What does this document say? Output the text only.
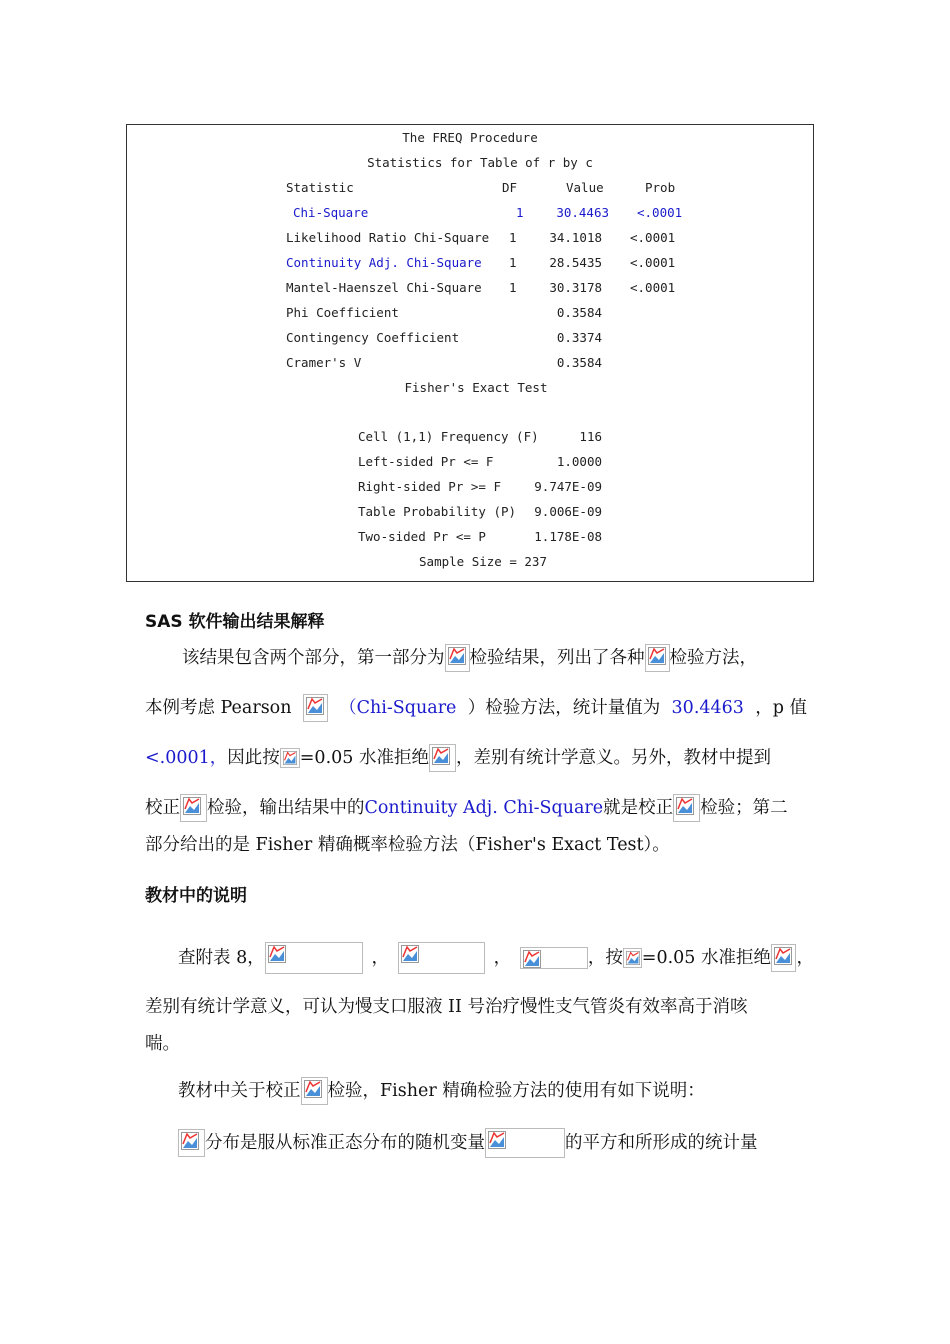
The FREQ Procedure
Statistics for Table of r by c
Statistic	DF	Value	Prob
Chi-Square	1	30.4463 <.0001
Likelihood Ratio Chi-Square 1	34.1018 <.0001
Continuity Adj. Chi-Square 1	28.5435 <.0001
Mantel-Haenszel Chi-Square 1	30.3178 <.0001
Phi Coefficient	0.3584
Contingency Coefficient	0.3374
Cramer's V	0.3584
Fisher's Exact Test
Cell (1,1) Frequency (F)	116
Left-sided Pr <= F	1.0000
Right-sided Pr >= F	9.747E-09
Table Probability (P) 9.006E-09
Two-sided Pr <= P	1.178E-08
Sample Size = 237
SAS 软件输出结果解释
该结果包含两个部分，第一部分为 检验结果，列出了各种 检验方法，
本例考虑 Pearson	（Chi-Square ）检验方法，统计量值为 30.4463 ，p 值
<.0001， 因此按 =0.05 水准拒绝 ，差别有统计学意义。另外，教材中提到
校正 检验，输出结果中的 Continuity Adj. Chi-Square 就是校正 检验；第二
部分给出的是 Fisher 精确概率检验方法（Fisher's Exact Test）。
教材中的说明
查附表 8，	，	，	，按 =0.05 水准拒绝 ，
差别有统计学意义，可认为慢支口服液 II 号治疗慢性支气管炎有效率高于消咳
喘。
教材中关于校正 检验，Fisher 精确检验方法的使用有如下说明：
分布是服从标准正态分布的随机变量	的平方和所形成的统计量
